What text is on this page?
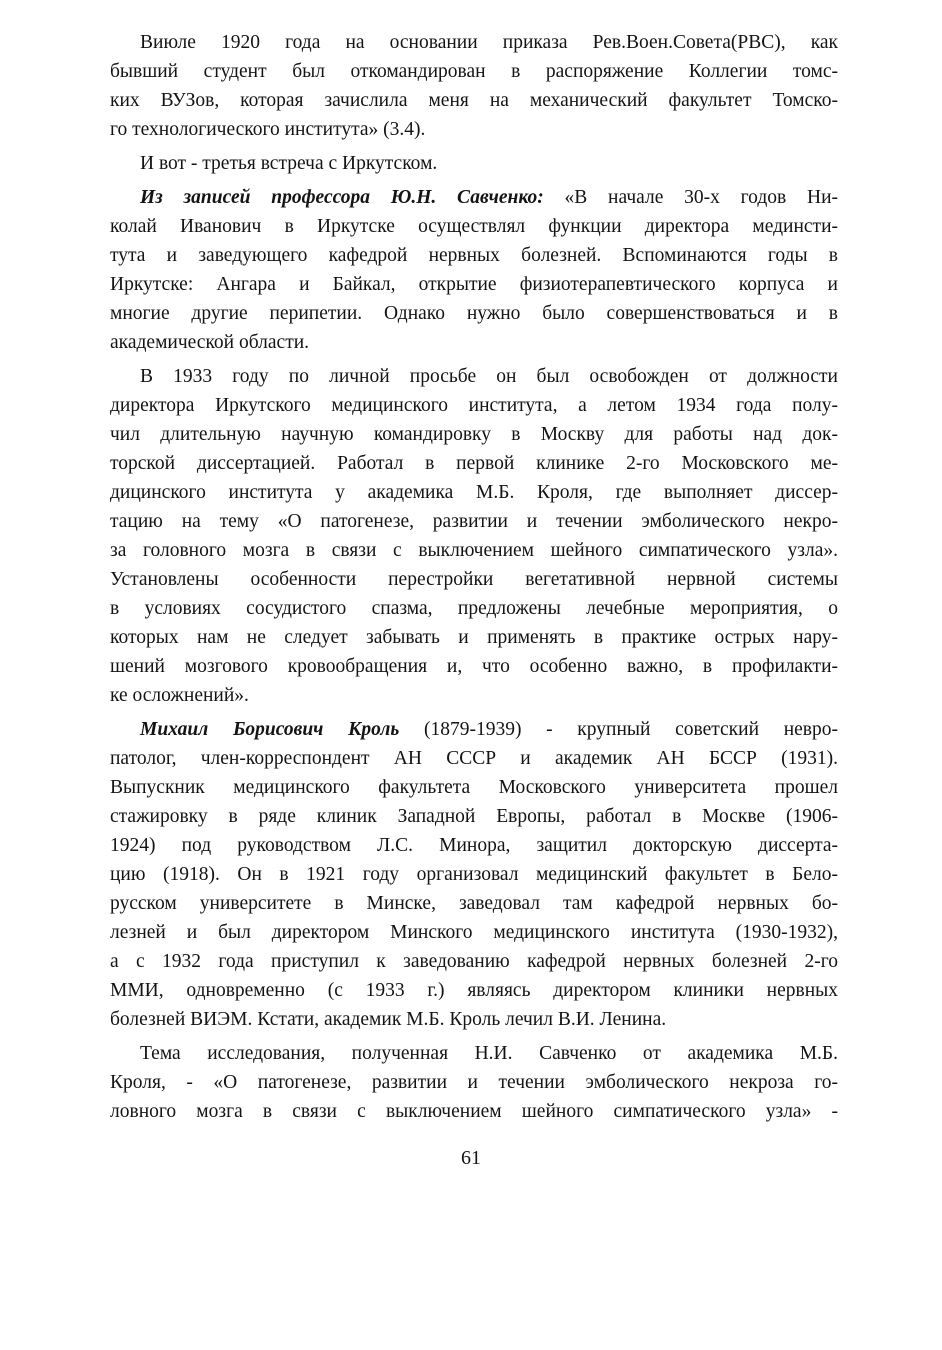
Виюле 1920 года на основании приказа Рев.Воен.Совета(РВС), как
бывший студент был откомандирован в распоряжение Коллегии томс-
ких ВУЗов, которая зачислила меня на механический факультет Томско-
го технологического института» (3.4).
И вот - третья встреча с Иркутском.
Из записей профессора Ю.Н. Савченко: «В начале 30-х годов Ни-
колай Иванович в Иркутске осуществлял функции директора мединсти-
тута и заведующего кафедрой нервных болезней. Вспоминаются годы в
Иркутске: Ангара и Байкал, открытие физиотерапевтического корпуса и
многие другие перипетии. Однако нужно было совершенствоваться и в
академической области.
В 1933 году по личной просьбе он был освобожден от должности
директора Иркутского медицинского института, а летом 1934 года полу-
чил длительную научную командировку в Москву для работы над док-
торской диссертацией. Работал в первой клинике 2-го Московского ме-
дицинского института у академика М.Б. Кроля, где выполняет диссер-
тацию на тему «О патогенезе, развитии и течении эмболического некро-
за головного мозга в связи с выключением шейного симпатического узла».
Установлены особенности перестройки вегетативной нервной системы
в условиях сосудистого спазма, предложены лечебные мероприятия, о
которых нам не следует забывать и применять в практике острых нару-
шений мозгового кровообращения и, что особенно важно, в профилакти-
ке осложнений».
Михаил Борисович Кроль (1879-1939) - крупный советский невро-
патолог, член-корреспондент АН СССР и академик АН БССР (1931).
Выпускник медицинского факультета Московского университета прошел
стажировку в ряде клиник Западной Европы, работал в Москве (1906-
1924) под руководством Л.С. Минора, защитил докторскую диссерта-
цию (1918). Он в 1921 году организовал медицинский факультет в Бело-
русском университете в Минске, заведовал там кафедрой нервных бо-
лезней и был директором Минского медицинского института (1930-1932),
а с 1932 года приступил к заведованию кафедрой нервных болезней 2-го
ММИ, одновременно (с 1933 г.) являясь директором клиники нервных
болезней ВИЭМ. Кстати, академик М.Б. Кроль лечил В.И. Ленина.
Тема исследования, полученная Н.И. Савченко от академика М.Б.
Кроля, - «О патогенезе, развитии и течении эмболического некроза го-
ловного мозга в связи с выключением шейного симпатического узла» -
61
